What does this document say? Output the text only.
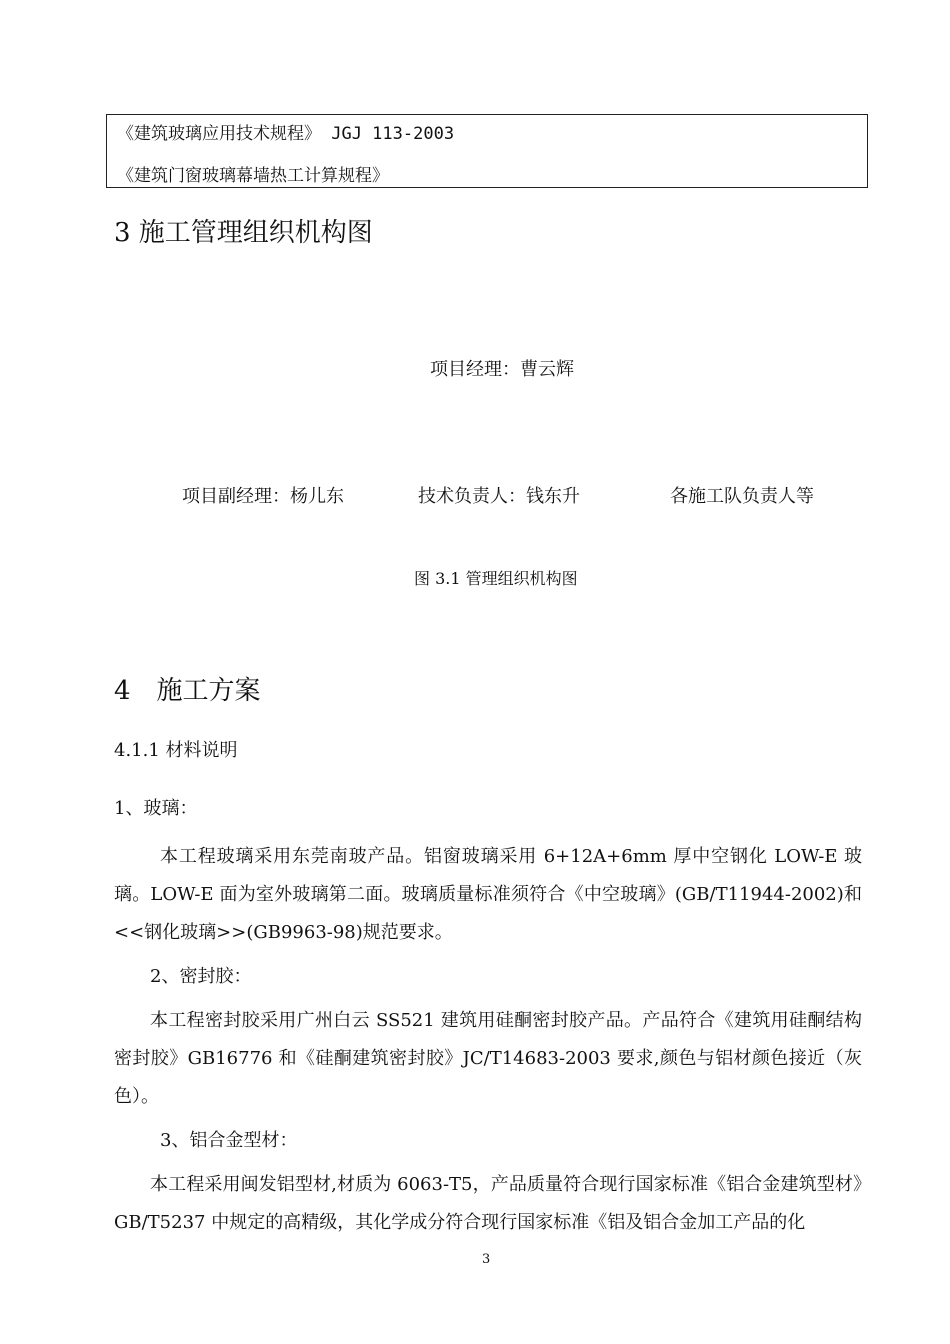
《建筑玻璃应用技术规程》 JGJ 113-2003
《建筑门窗玻璃幕墙热工计算规程》
3 施工管理组织机构图
项目经理：曹云辉
项目副经理：杨儿东	技术负责人：钱东升	各施工队负责人等
图 3.1 管理组织机构图
4　施工方案
4.1.1 材料说明
1、玻璃：
本工程玻璃采用东莞南玻产品。铝窗玻璃采用 6+12A+6mm 厚中空钢化 LOW-E 玻璃。LOW-E 面为室外玻璃第二面。玻璃质量标准须符合《中空玻璃》(GB/T11944-2002)和<<钢化玻璃>>(GB9963-98)规范要求。
2、密封胶：
本工程密封胶采用广州白云 SS521 建筑用硅酮密封胶产品。产品符合《建筑用硅酮结构密封胶》GB16776 和《硅酮建筑密封胶》JC/T14683-2003 要求,颜色与铝材颜色接近（灰色）。
3、铝合金型材：
本工程采用闽发铝型材,材质为 6063-T5，产品质量符合现行国家标准《铝合金建筑型材》GB/T5237 中规定的高精级，其化学成分符合现行国家标准《铝及铝合金加工产品的化
3
